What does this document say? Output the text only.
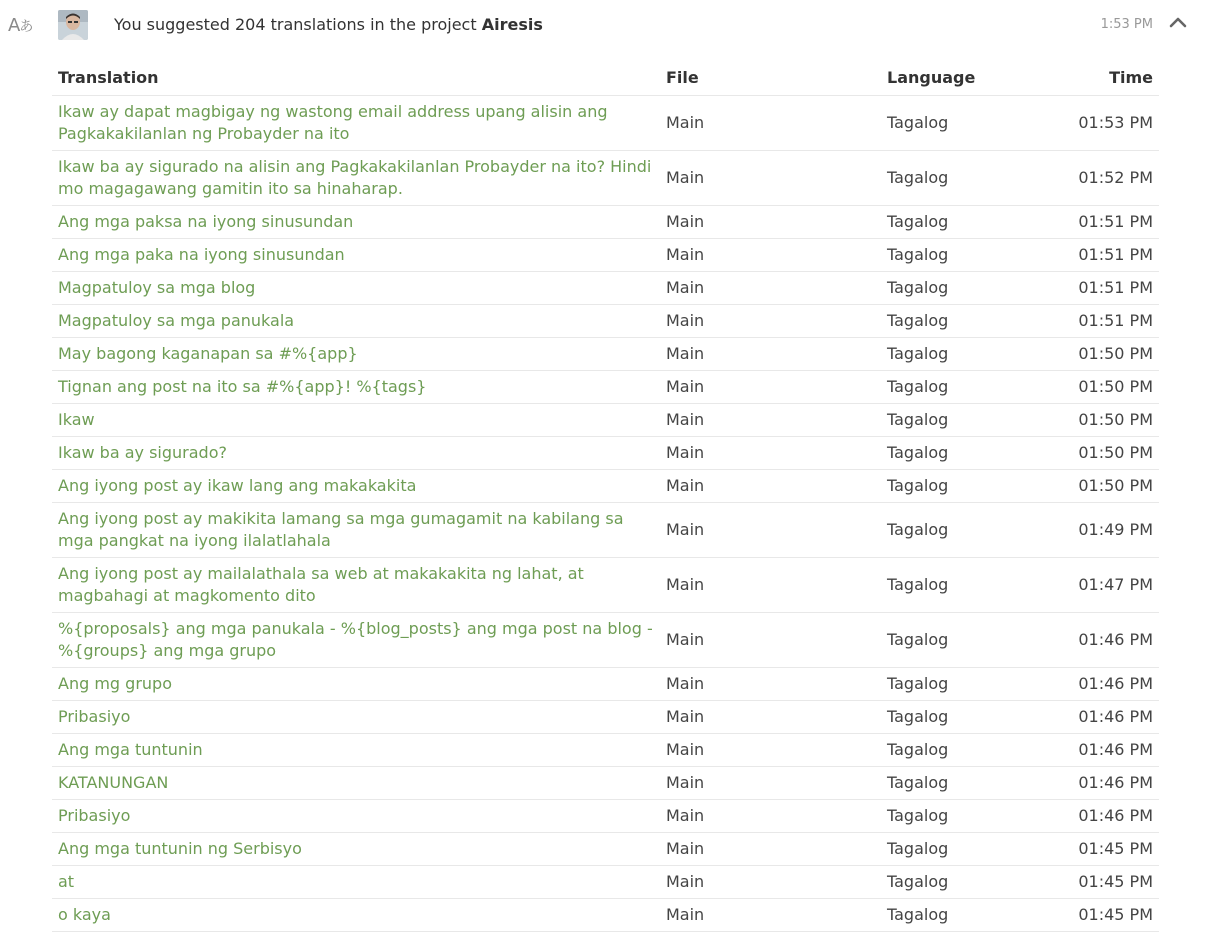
Aあ	You suggested 204 translations in the project Airesis	1:53 PM
Translation	File	Language	Time
Ikaw ay dapat magbigay ng wastong email address upang alisin ang Pagkakakilanlan ng Probayder na ito	Main	Tagalog	01:53 PM
Ikaw ba ay sigurado na alisin ang Pagkakakilanlan Probayder na ito? Hindi mo magagawang gamitin ito sa hinaharap.	Main	Tagalog	01:52 PM
Ang mga paksa na iyong sinusundan	Main	Tagalog	01:51 PM
Ang mga paka na iyong sinusundan	Main	Tagalog	01:51 PM
Magpatuloy sa mga blog	Main	Tagalog	01:51 PM
Magpatuloy sa mga panukala	Main	Tagalog	01:51 PM
May bagong kaganapan sa #%{app}	Main	Tagalog	01:50 PM
Tignan ang post na ito sa #%{app}! %{tags}	Main	Tagalog	01:50 PM
Ikaw	Main	Tagalog	01:50 PM
Ikaw ba ay sigurado?	Main	Tagalog	01:50 PM
Ang iyong post ay ikaw lang ang makakakita	Main	Tagalog	01:50 PM
Ang iyong post ay makikita lamang sa mga gumagamit na kabilang sa mga pangkat na iyong ilalatlahala	Main	Tagalog	01:49 PM
Ang iyong post ay mailalathala sa web at makakakita ng lahat, at magbahagi at magkomento dito	Main	Tagalog	01:47 PM
%{proposals} ang mga panukala - %{blog_posts} ang mga post na blog - %{groups} ang mga grupo	Main	Tagalog	01:46 PM
Ang mg grupo	Main	Tagalog	01:46 PM
Pribasiyo	Main	Tagalog	01:46 PM
Ang mga tuntunin	Main	Tagalog	01:46 PM
KATANUNGAN	Main	Tagalog	01:46 PM
Pribasiyo	Main	Tagalog	01:46 PM
Ang mga tuntunin ng Serbisyo	Main	Tagalog	01:45 PM
at	Main	Tagalog	01:45 PM
o kaya	Main	Tagalog	01:45 PM
